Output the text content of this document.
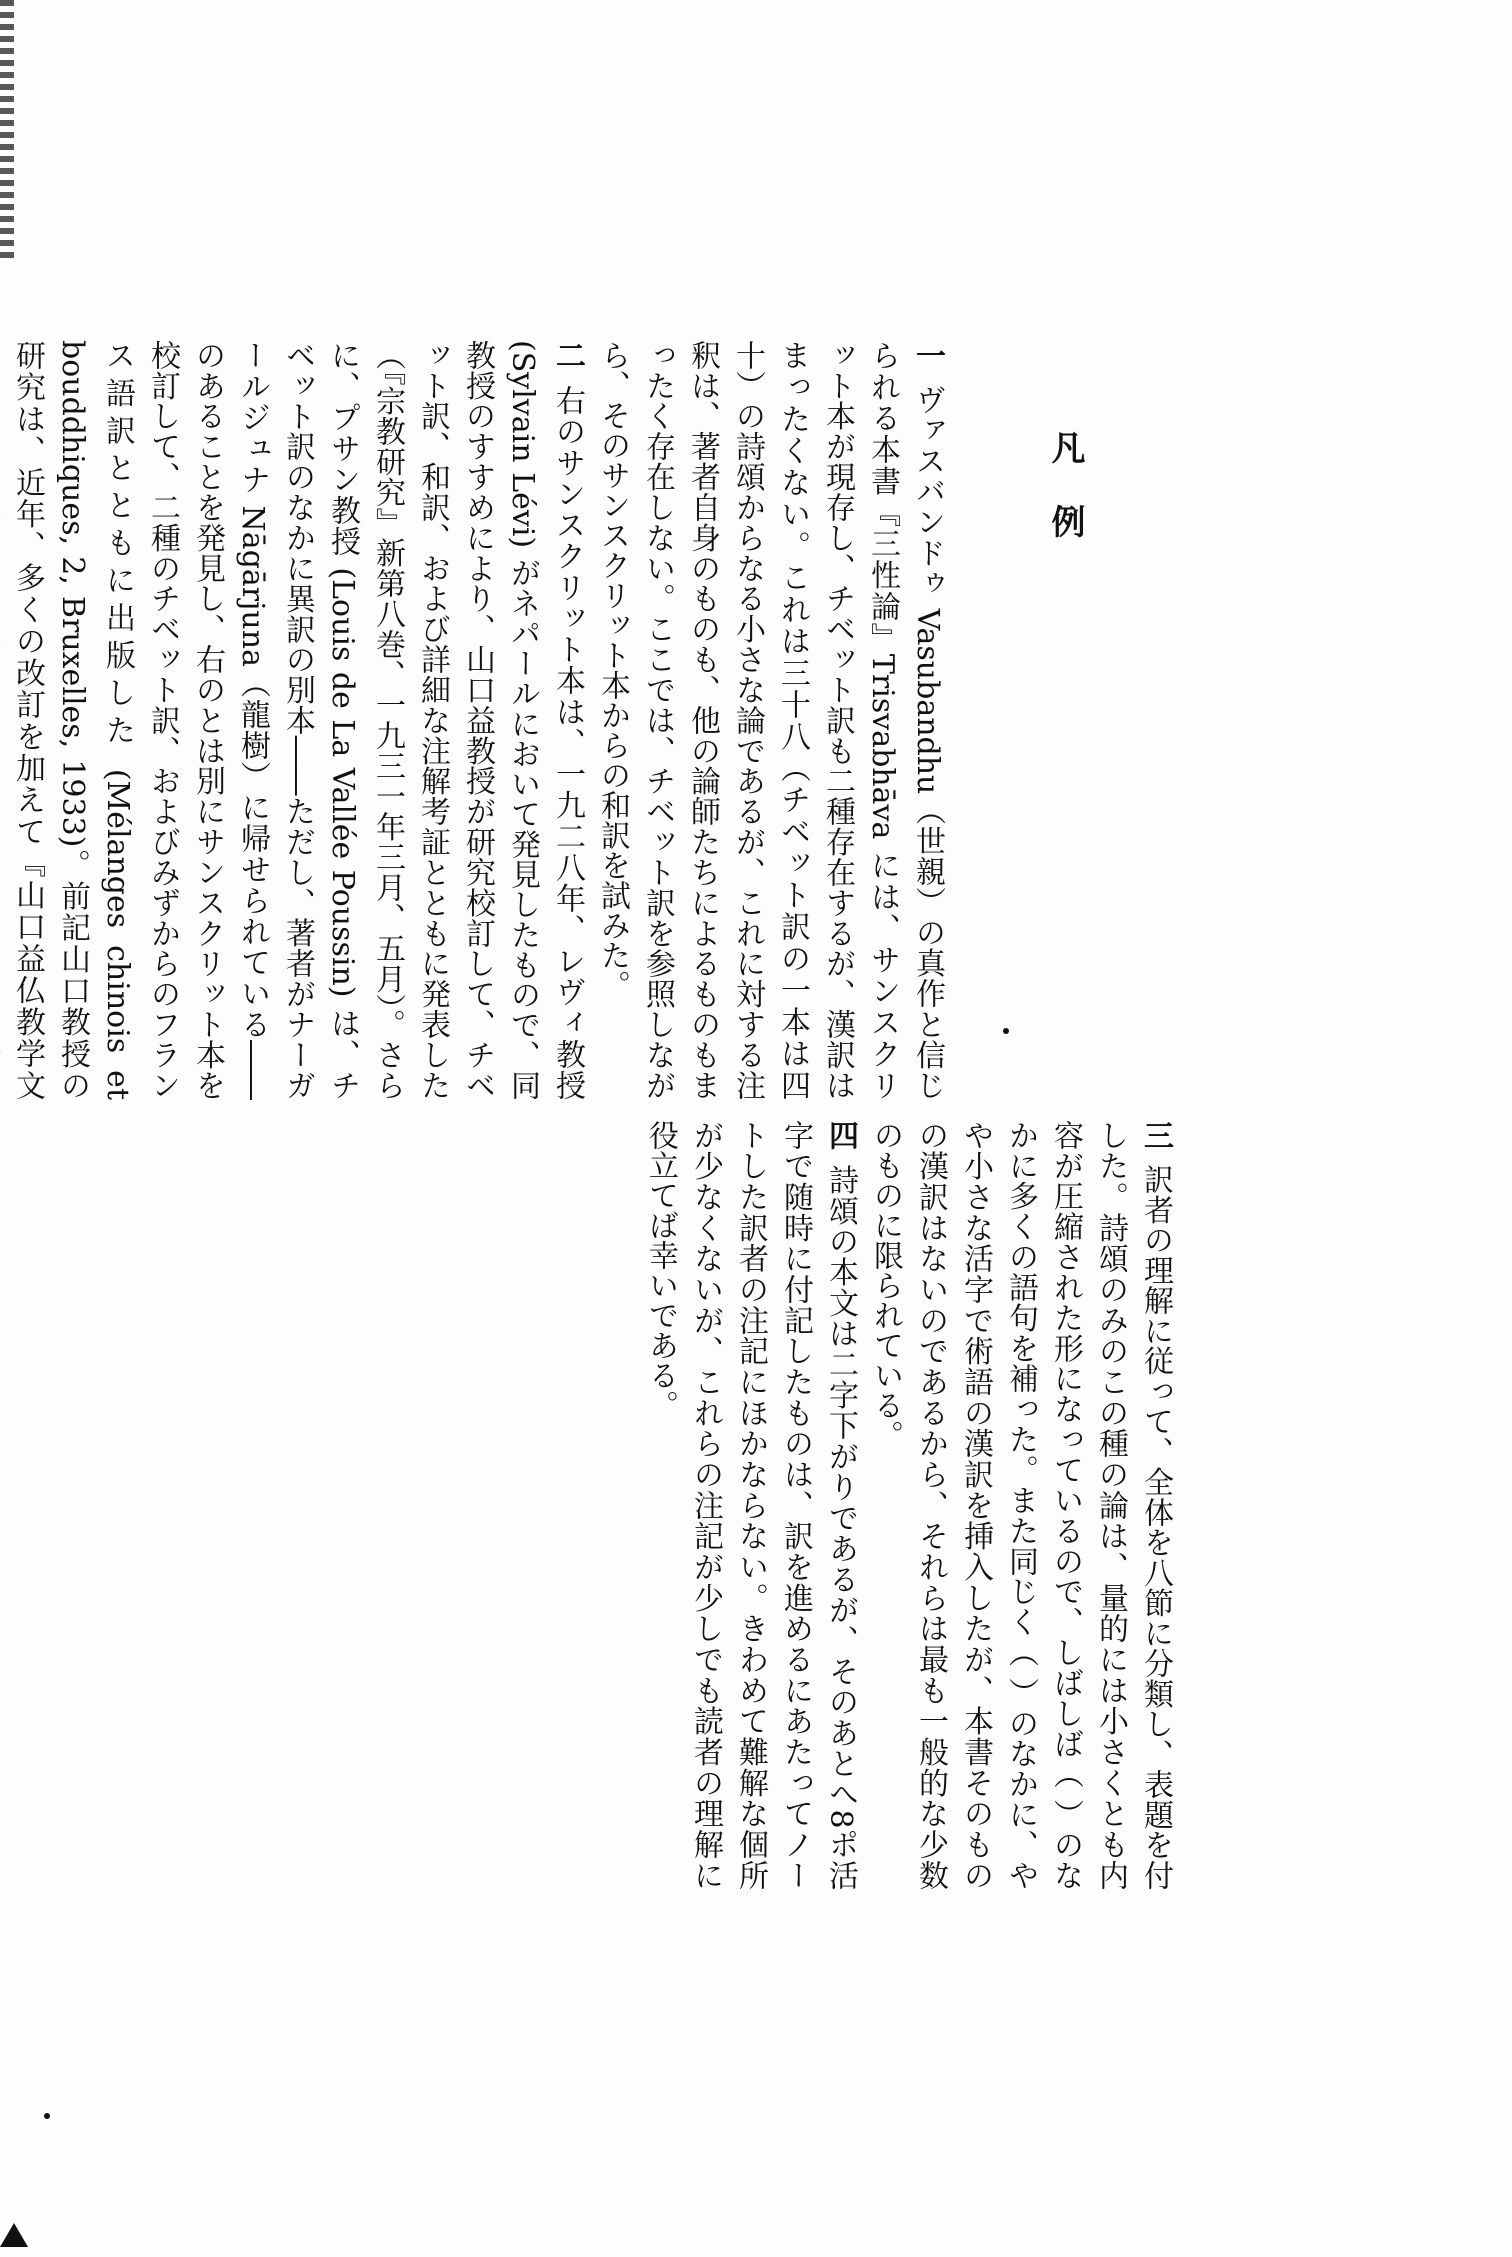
凡例

一ヴァスバンドゥ Vasubandhu（世親）の真作と信じられる本書『三性論』Trisvabhāva には、サンスクリット本が現存し、チベット訳も二種存在するが、漢訳はまったくない。これは三十八（チベット訳の一本は四十）の詩頌からなる小さな論であるが、これに対する注釈は、著者自身のものも、他の論師たちによるものもまったく存在しない。ここでは、チベット訳を参照しながら、そのサンスクリット本からの和訳を試みた。

二右のサンスクリット本は、一九二八年、レヴィ教授 (Sylvain Lévi) がネパールにおいて発見したもので、同教授のすすめにより、山口益教授が研究校訂して、チベット訳、和訳、および詳細な注解考証とともに発表した（『宗教研究』新第八巻、一九三一年三月、五月）。さらに、プサン教授 (Louis de La Vallée Poussin) は、チベット訳のなかに異訳の別本――ただし、著者がナーガールジュナ Nāgārjuna（龍樹）に帰せられている――のあることを発見し、右のとは別にサンスクリット本を校訂して、二種のチベット訳、およびみずからのフランス語訳とともに出版した (Mélanges chinois et bouddhiques, 2, Bruxelles, 1933)。前記山口教授の研究は、近年、多くの改訂を加えて『山口益仏教学文

三訳者の理解に従って、全体を八節に分類し、表題を付した。詩頌のみのこの種の論は、量的には小さくとも内容が圧縮された形になっているので、しばしば（ ）のなかに多くの語句を補った。また同じく（ ）のなかに、やや小さな活字で術語の漢訳を挿入したが、本書そのものの漢訳はないのであるから、それらは最も一般的な少数のものに限られている。

四詩頌の本文は二字下がりであるが、そのあとへ8ポ活字で随時に付記したものは、訳を進めるにあたってノートした訳者の注記にほかならない。きわめて難解な個所が少なくないが、これらの注記が少しでも読者の理解に役立てば幸いである。
